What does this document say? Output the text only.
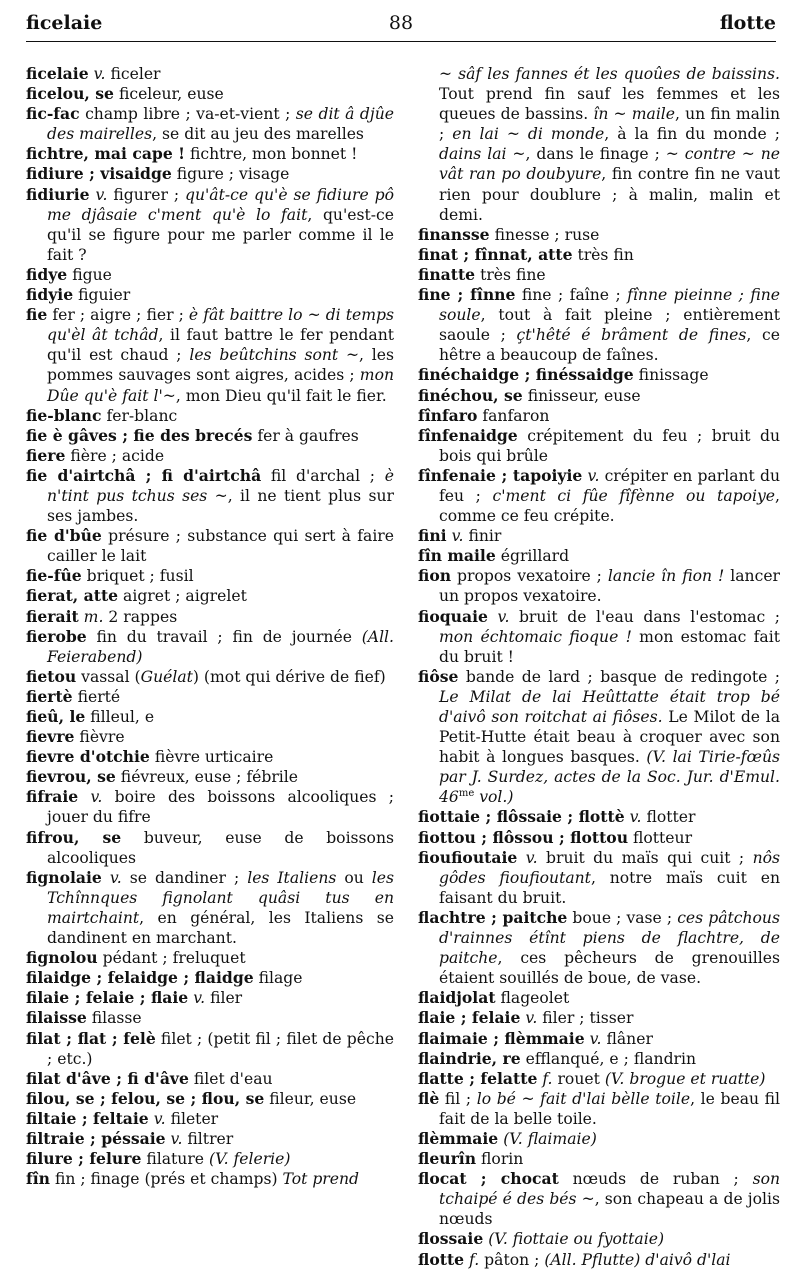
ficelaie	88	flotte

ficelaie v. ficeler

ficelou, se ficeleur, euse

fic-fac champ libre ; va-et-vient ; se dit â djûe des mairelles, se dit au jeu des marelles

fichtre, mai cape ! fichtre, mon bonnet !

fidiure ; visaidge figure ; visage

fidiurie v. figurer ; qu'ât-ce qu'è se fidiure pô me djâsaie c'ment qu'è lo fait, qu'est-ce qu'il se figure pour me parler comme il le fait ?

fidye figue

fidyie figuier

fie fer ; aigre ; fier ; è fât baittre lo ~ di temps qu'èl ât tchâd, il faut battre le fer pendant qu'il est chaud ; les beûtchins sont ~, les pommes sauvages sont aigres, acides ; mon Dûe qu'è fait l'~, mon Dieu qu'il fait le fier.

fie-blanc fer-blanc

fie è gâves ; fie des brecés fer à gaufres

fiere fière ; acide

fie d'airtchâ ; fi d'airtchâ fil d'archal ; è n'tint pus tchus ses ~, il ne tient plus sur ses jambes.

fie d'bûe présure ; substance qui sert à faire cailler le lait

fie-fûe briquet ; fusil

fierat, atte aigret ; aigrelet

fierait m. 2 rappes

fierobe fin du travail ; fin de journée (All. Feierabend)

fietou vassal (Guélat) (mot qui dérive de fief)

fiertè fierté

fieû, le filleul, e

fievre fièvre

fievre d'otchie fièvre urticaire

fievrou, se fiévreux, euse ; fébrile

fifraie v. boire des boissons alcooliques ; jouer du fifre

fifrou, se buveur, euse de boissons alcooliques

fignolaie v. se dandiner ; les Italiens ou les Tchînnques fignolant quâsi tus en mairtchaint, en général, les Italiens se dandinent en marchant.

fignolou pédant ; freluquet

filaidge ; felaidge ; flaidge filage

filaie ; felaie ; flaie v. filer

filaisse filasse

filat ; flat ; felè filet ; (petit fil ; filet de pêche ; etc.)

filat d'âve ; fi d'âve filet d'eau

filou, se ; felou, se ; flou, se fileur, euse

filtaie ; feltaie v. fileter

filtraie ; péssaie v. filtrer

filure ; felure filature (V. felerie)

fîn fin ; finage (prés et champs) Tot prend

~ sâf les fannes ét les quoûes de baissins. Tout prend fin sauf les femmes et les queues de bassins. în ~ maile, un fin malin ; en lai ~ di monde, à la fin du monde ; dains lai ~, dans le finage ; ~ contre ~ ne vât ran po doubyure, fin contre fin ne vaut rien pour doublure ; à malin, malin et demi.

finansse finesse ; ruse

finat ; fînnat, atte très fin

finatte très fine

fine ; fînne fine ; faîne ; fînne pieinne ; fine soule, tout à fait pleine ; entièrement saoule ; çt'hêté é brâment de fines, ce hêtre a beaucoup de faînes.

finéchaidge ; finéssaidge finissage

finéchou, se finisseur, euse

fînfaro fanfaron

fînfenaidge crépitement du feu ; bruit du bois qui brûle

fînfenaie ; tapoiyie v. crépiter en parlant du feu ; c'ment ci fûe fîfènne ou tapoiye, comme ce feu crépite.

fini v. finir

fîn maile égrillard

fion propos vexatoire ; lancie în fion ! lancer un propos vexatoire.

fioquaie v. bruit de l'eau dans l'estomac ; mon échtomaic fioque ! mon estomac fait du bruit !

fiôse bande de lard ; basque de redingote ; Le Milat de lai Heûttatte était trop bé d'aivô son roitchat ai fiôses. Le Milot de la Petit-Hutte était beau à croquer avec son habit à longues basques. (V. lai Tirie-fœûs par J. Surdez, actes de la Soc. Jur. d'Emul. $46^{me}$ vol.)

fiottaie ; flôssaie ; flottè v. flotter

fiottou ; flôssou ; flottou flotteur

fioufioutaie v. bruit du maïs qui cuit ; nôs gôdes fioufioutant, notre maïs cuit en faisant du bruit.

flachtre ; paitche boue ; vase ; ces pâtchous d'rainnes étînt piens de flachtre, de paitche, ces pêcheurs de grenouilles étaient souillés de boue, de vase.

flaidjolat flageolet

flaie ; felaie v. filer ; tisser

flaimaie ; flèmmaie v. flâner

flaindrie, re efflanqué, e ; flandrin

flatte ; felatte f. rouet (V. brogue et ruatte)

flè fil ; lo bé ~ fait d'lai bèlle toile, le beau fil fait de la belle toile.

flèmmaie (V. flaimaie)

fleurîn florin

flocat ; chocat nœuds de ruban ; son tchaipé é des bés ~, son chapeau a de jolis nœuds

flossaie (V. fiottaie ou fyottaie)

flotte f. pâton ; (All. Pflutte) d'aivô d'lai
